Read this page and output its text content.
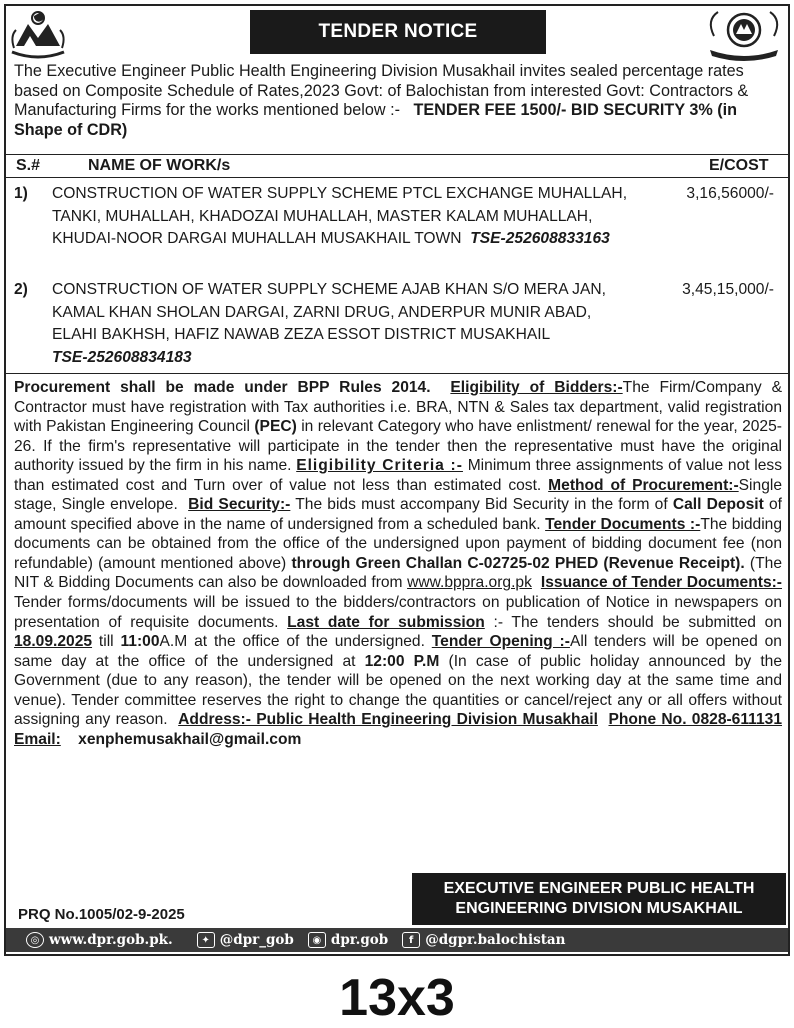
TENDER NOTICE
The Executive Engineer Public Health Engineering Division Musakhail invites sealed percentage rates based on Composite Schedule of Rates,2023 Govt: of Balochistan from interested Govt: Contractors & Manufacturing Firms for the works mentioned below :- TENDER FEE 1500/- BID SECURITY 3% (in Shape of CDR)
S.#	NAME OF WORK/s	E/COST
1) CONSTRUCTION OF WATER SUPPLY SCHEME PTCL EXCHANGE MUHALLAH, TANKI, MUHALLAH, KHADOZAI MUHALLAH, MASTER KALAM MUHALLAH, KHUDAI-NOOR DARGAI MUHALLAH MUSAKHAIL TOWN TSE-252608833163
3,16,56000/-
2) CONSTRUCTION OF WATER SUPPLY SCHEME AJAB KHAN S/O MERA JAN, KAMAL KHAN SHOLAN DARGAI, ZARNI DRUG, ANDERPUR MUNIR ABAD, ELAHI BAKHSH, HAFIZ NAWAB ZEZA ESSOT DISTRICT MUSAKHAIL
TSE-252608834183
3,45,15,000/-
Procurement shall be made under BPP Rules 2014. Eligibility of Bidders:-The Firm/Company & Contractor must have registration with Tax authorities i.e. BRA, NTN & Sales tax department, valid registration with Pakistan Engineering Council (PEC) in relevant Category who have enlistment/ renewal for the year, 2025-26. If the firm's representative will participate in the tender then the representative must have the original authority issued by the firm in his name. Eligibility Criteria :- Minimum three assignments of value not less than estimated cost and Turn over of value not less than estimated cost. Method of Procurement:-Single stage, Single envelope. Bid Security:- The bids must accompany Bid Security in the form of Call Deposit of amount specified above in the name of undersigned from a scheduled bank. Tender Documents :-The bidding documents can be obtained from the office of the undersigned upon payment of bidding document fee (non refundable) (amount mentioned above) through Green Challan C-02725-02 PHED (Revenue Receipt). (The NIT & Bidding Documents can also be downloaded from www.bppra.org.pk Issuance of Tender Documents:- Tender forms/documents will be issued to the bidders/contractors on publication of Notice in newspapers on presentation of requisite documents. Last date for submission :- The tenders should be submitted on 18.09.2025 till 11:00A.M at the office of the undersigned. Tender Opening :-All tenders will be opened on same day at the office of the undersigned at 12:00 P.M (In case of public holiday announced by the Government (due to any reason), the tender will be opened on the next working day at the same time and venue). Tender committee reserves the right to change the quantities or cancel/reject any or all offers without assigning any reason. Address:- Public Health Engineering Division Musakhail Phone No. 0828-611131 Email: xenphemusakhail@gmail.com
EXECUTIVE ENGINEER PUBLIC HEALTH
ENGINEERING DIVISION MUSAKHAIL
PRQ No.1005/02-9-2025
◎ www.dpr.gob.pk.	✦ @dpr_gob	◉ dpr.gob	f @dgpr.balochistan
13x3
